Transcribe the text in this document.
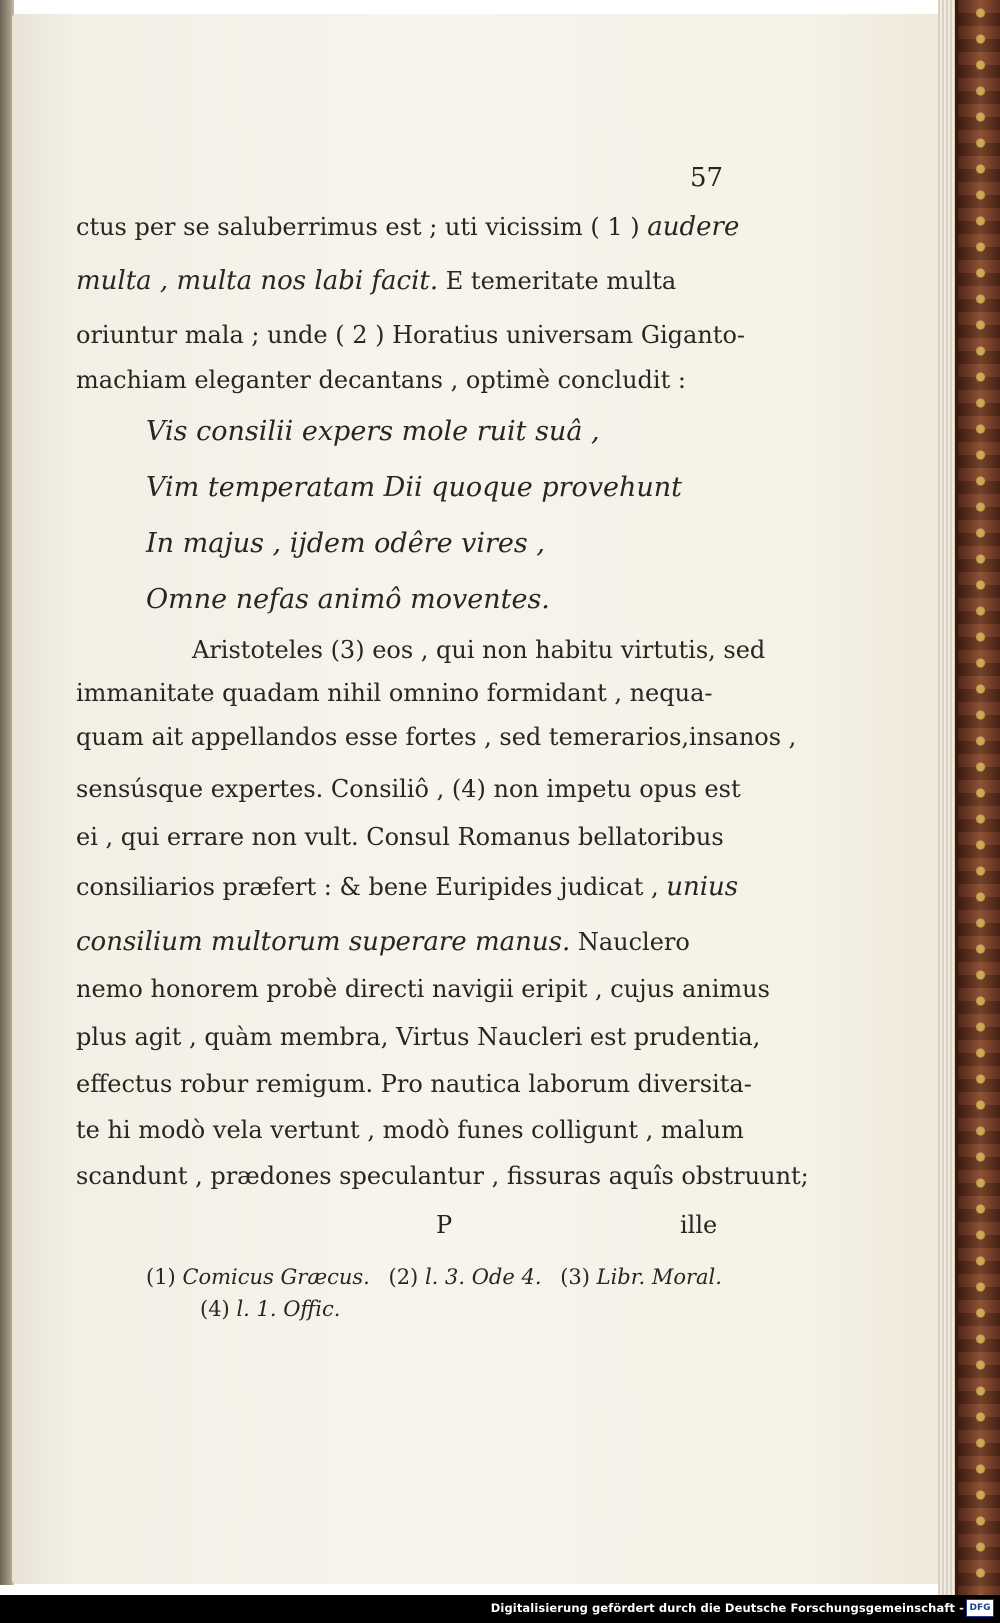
57
ctus per se saluberrimus est ; uti vicissim ( 1 ) audere
multa , multa nos labi facit. E temeritate multa
oriuntur mala ; unde ( 2 ) Horatius universam Giganto-
machiam eleganter decantans , optimè concludit :
Vis consilii expers mole ruit suâ ,
Vim temperatam Dii quoque provehunt
In majus , ijdem odêre vires ,
Omne nefas animô moventes.
Aristoteles (3) eos , qui non habitu virtutis, sed
immanitate quadam nihil omnino formidant , nequa-
quam ait appellandos esse fortes , sed temerarios,insanos ,
sensúsque expertes. Consiliô , (4) non impetu opus est
ei , qui errare non vult. Consul Romanus bellatoribus
consiliarios præfert : & bene Euripides judicat , unius
consilium multorum superare manus. Nauclero
nemo honorem probè directi navigii eripit , cujus animus
plus agit , quàm membra, Virtus Naucleri est prudentia,
effectus robur remigum. Pro nautica laborum diversita-
te hi modò vela vertunt , modò funes colligunt , malum
scandunt , prædones speculantur , fissuras aquîs obstruunt;
P	ille
(1) Comicus Græcus. (2) l. 3. Ode 4. (3) Libr. Moral.
(4) l. 1. Offic.
Digitalisierung gefördert durch die Deutsche Forschungsgemeinschaft - DFG
